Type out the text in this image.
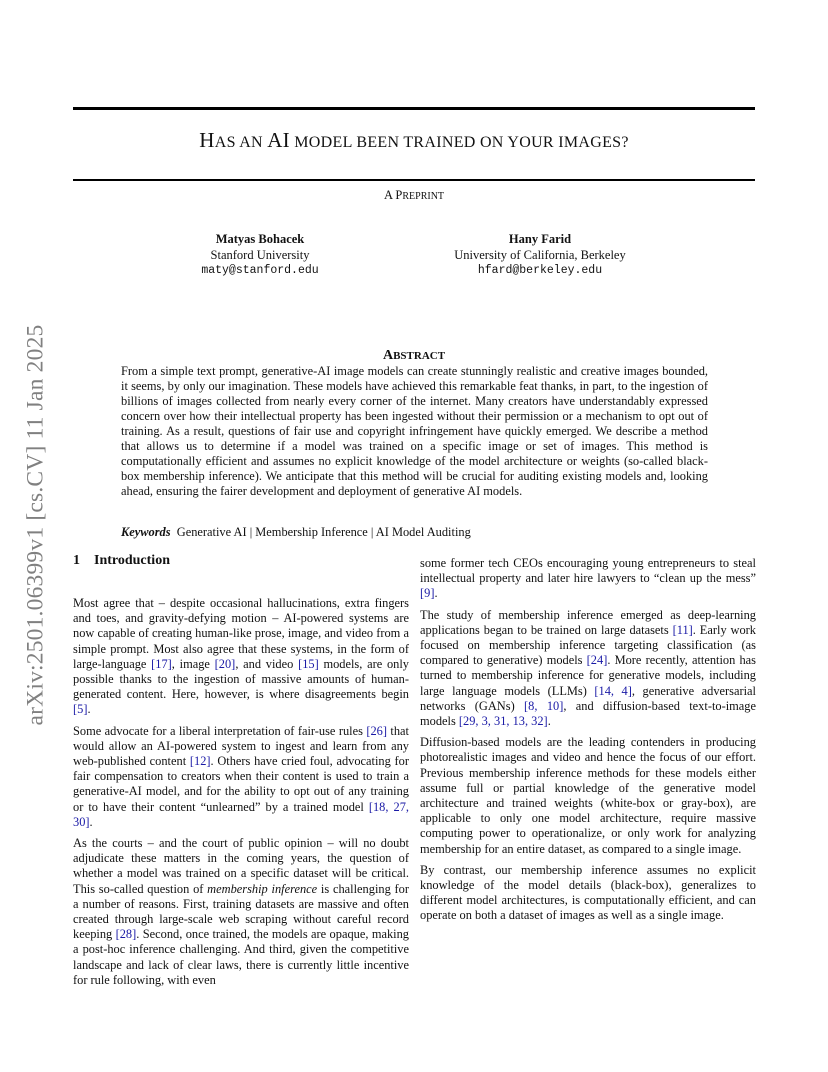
arXiv:2501.06399v1 [cs.CV] 11 Jan 2025
HAS AN AI MODEL BEEN TRAINED ON YOUR IMAGES?
A PREPRINT
Matyas Bohacek
Stanford University
maty@stanford.edu
Hany Farid
University of California, Berkeley
hfard@berkeley.edu
ABSTRACT

From a simple text prompt, generative-AI image models can create stunningly realistic and creative images bounded, it seems, by only our imagination. These models have achieved this remarkable feat thanks, in part, to the ingestion of billions of images collected from nearly every corner of the internet. Many creators have understandably expressed concern over how their intellectual property has been ingested without their permission or a mechanism to opt out of training. As a result, questions of fair use and copyright infringement have quickly emerged. We describe a method that allows us to determine if a model was trained on a specific image or set of images. This method is computationally efficient and assumes no explicit knowledge of the model architecture or weights (so-called black-box membership inference). We anticipate that this method will be crucial for auditing existing models and, looking ahead, ensuring the fairer development and deployment of generative AI models.

Keywords Generative AI | Membership Inference | AI Model Auditing
1 Introduction

Most agree that – despite occasional hallucinations, extra fingers and toes, and gravity-defying motion – AI-powered systems are now capable of creating human-like prose, image, and video from a simple prompt. Most also agree that these systems, in the form of large-language [17], image [20], and video [15] models, are only possible thanks to the ingestion of massive amounts of human-generated content. Here, however, is where disagreements begin [5].

Some advocate for a liberal interpretation of fair-use rules [26] that would allow an AI-powered system to ingest and learn from any web-published content [12]. Others have cried foul, advocating for fair compensation to creators when their content is used to train a generative-AI model, and for the ability to opt out of any training or to have their content “unlearned” by a trained model [18, 27, 30].

As the courts – and the court of public opinion – will no doubt adjudicate these matters in the coming years, the question of whether a model was trained on a specific dataset will be critical. This so-called question of membership inference is challenging for a number of reasons. First, training datasets are massive and often created through large-scale web scraping without careful record keeping [28]. Second, once trained, the models are opaque, making a post-hoc inference challenging. And third, given the competitive landscape and lack of clear laws, there is currently little incentive for rule following, with even

some former tech CEOs encouraging young entrepreneurs to steal intellectual property and later hire lawyers to “clean up the mess” [9].

The study of membership inference emerged as deep-learning applications began to be trained on large datasets [11]. Early work focused on membership inference targeting classification (as compared to generative) models [24]. More recently, attention has turned to membership inference for generative models, including large language models (LLMs) [14, 4], generative adversarial networks (GANs) [8, 10], and diffusion-based text-to-image models [29, 3, 31, 13, 32].

Diffusion-based models are the leading contenders in producing photorealistic images and video and hence the focus of our effort. Previous membership inference methods for these models either assume full or partial knowledge of the generative model architecture and trained weights (white-box or gray-box), are applicable to only one model architecture, require massive computing power to operationalize, or only work for analyzing membership for an entire dataset, as compared to a single image.

By contrast, our membership inference assumes no explicit knowledge of the model details (black-box), generalizes to different model architectures, is computationally efficient, and can operate on both a dataset of images as well as a single image.
